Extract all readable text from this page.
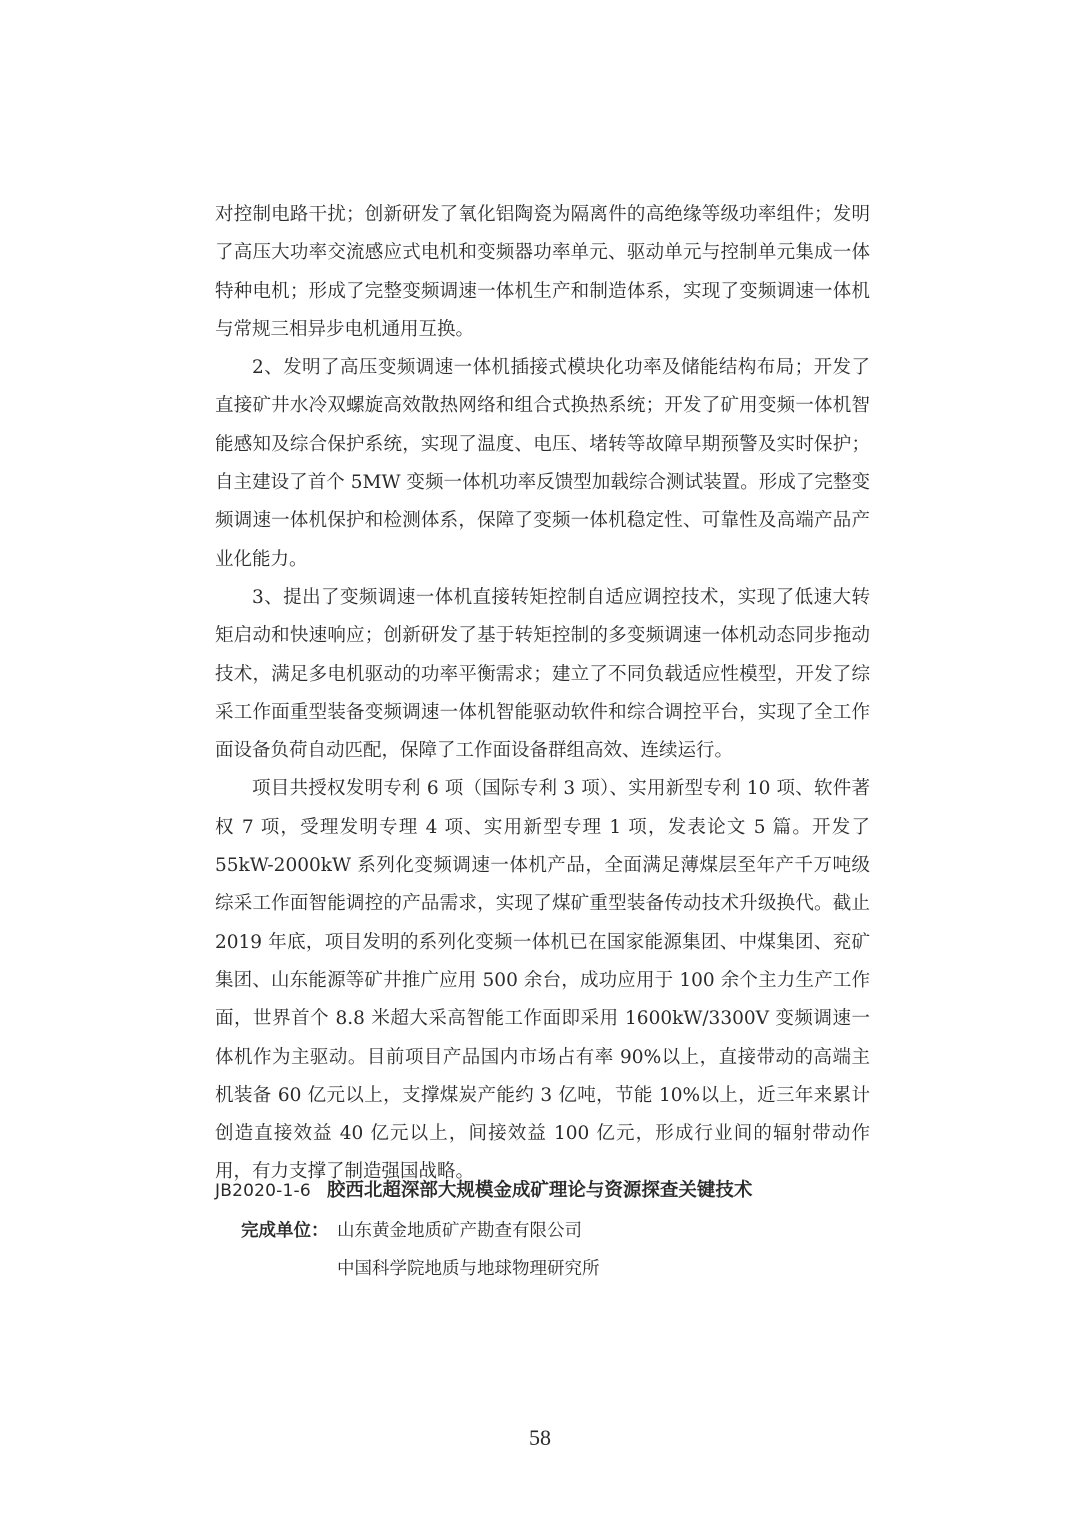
对控制电路干扰；创新研发了氧化铝陶瓷为隔离件的高绝缘等级功率组件；发明了高压大功率交流感应式电机和变频器功率单元、驱动单元与控制单元集成一体特种电机；形成了完整变频调速一体机生产和制造体系，实现了变频调速一体机与常规三相异步电机通用互换。

2、发明了高压变频调速一体机插接式模块化功率及储能结构布局；开发了直接矿井水冷双螺旋高效散热网络和组合式换热系统；开发了矿用变频一体机智能感知及综合保护系统，实现了温度、电压、堵转等故障早期预警及实时保护；自主建设了首个 5MW 变频一体机功率反馈型加载综合测试装置。形成了完整变频调速一体机保护和检测体系，保障了变频一体机稳定性、可靠性及高端产品产业化能力。

3、提出了变频调速一体机直接转矩控制自适应调控技术，实现了低速大转矩启动和快速响应；创新研发了基于转矩控制的多变频调速一体机动态同步拖动技术，满足多电机驱动的功率平衡需求；建立了不同负载适应性模型，开发了综采工作面重型装备变频调速一体机智能驱动软件和综合调控平台，实现了全工作面设备负荷自动匹配，保障了工作面设备群组高效、连续运行。

项目共授权发明专利 6 项（国际专利 3 项）、实用新型专利 10 项、软件著权 7 项，受理发明专理 4 项、实用新型专理 1 项，发表论文 5 篇。开发了 55kW-2000kW 系列化变频调速一体机产品，全面满足薄煤层至年产千万吨级综采工作面智能调控的产品需求，实现了煤矿重型装备传动技术升级换代。截止 2019 年底，项目发明的系列化变频一体机已在国家能源集团、中煤集团、兖矿集团、山东能源等矿井推广应用 500 余台，成功应用于 100 余个主力生产工作面，世界首个 8.8 米超大采高智能工作面即采用 1600kW/3300V 变频调速一体机作为主驱动。目前项目产品国内市场占有率 90%以上，直接带动的高端主机装备 60 亿元以上，支撑煤炭产能约 3 亿吨，节能 10%以上，近三年来累计创造直接效益 40 亿元以上，间接效益 100 亿元，形成行业间的辐射带动作用，有力支撑了制造强国战略。

JB2020-1-6 胶西北超深部大规模金成矿理论与资源探查关键技术
完成单位： 山东黄金地质矿产勘查有限公司
中国科学院地质与地球物理研究所
58
